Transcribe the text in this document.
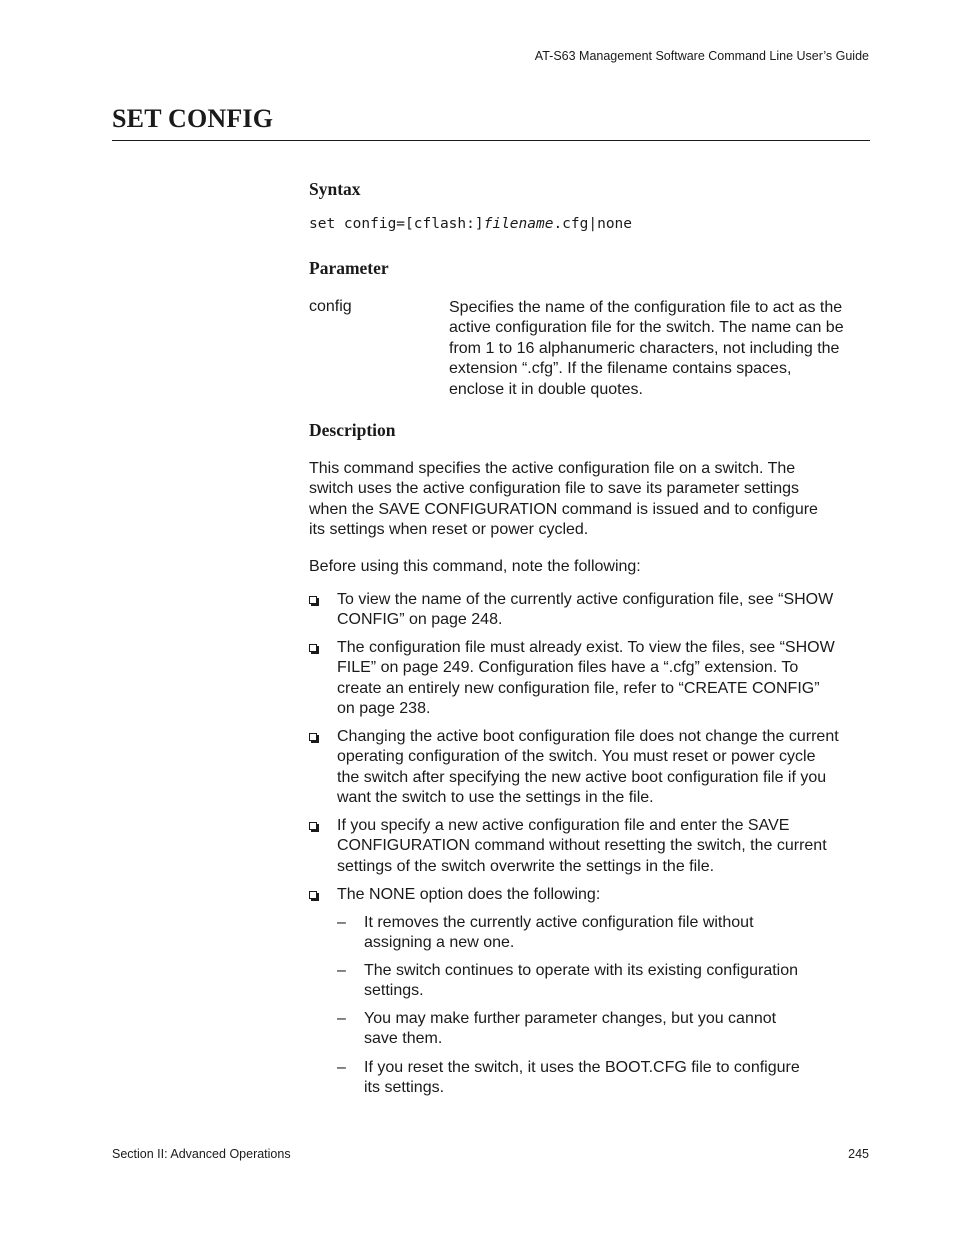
AT-S63 Management Software Command Line User’s Guide
SET CONFIG
Syntax
set config=[cflash:]filename.cfg|none
Parameter
config	Specifies the name of the configuration file to act as the
active configuration file for the switch. The name can be
from 1 to 16 alphanumeric characters, not including the
extension “.cfg”. If the filename contains spaces,
enclose it in double quotes.
Description
This command specifies the active configuration file on a switch. The
switch uses the active configuration file to save its parameter settings
when the SAVE CONFIGURATION command is issued and to configure
its settings when reset or power cycled.
Before using this command, note the following:
To view the name of the currently active configuration file, see “SHOW
CONFIG” on page 248.
The configuration file must already exist. To view the files, see “SHOW
FILE” on page 249. Configuration files have a “.cfg” extension. To
create an entirely new configuration file, refer to “CREATE CONFIG”
on page 238.
Changing the active boot configuration file does not change the current
operating configuration of the switch. You must reset or power cycle
the switch after specifying the new active boot configuration file if you
want the switch to use the settings in the file.
If you specify a new active configuration file and enter the SAVE
CONFIGURATION command without resetting the switch, the current
settings of the switch overwrite the settings in the file.
The NONE option does the following:
– It removes the currently active configuration file without
assigning a new one.
– The switch continues to operate with its existing configuration
settings.
– You may make further parameter changes, but you cannot
save them.
– If you reset the switch, it uses the BOOT.CFG file to configure
its settings.
Section II: Advanced Operations	245
